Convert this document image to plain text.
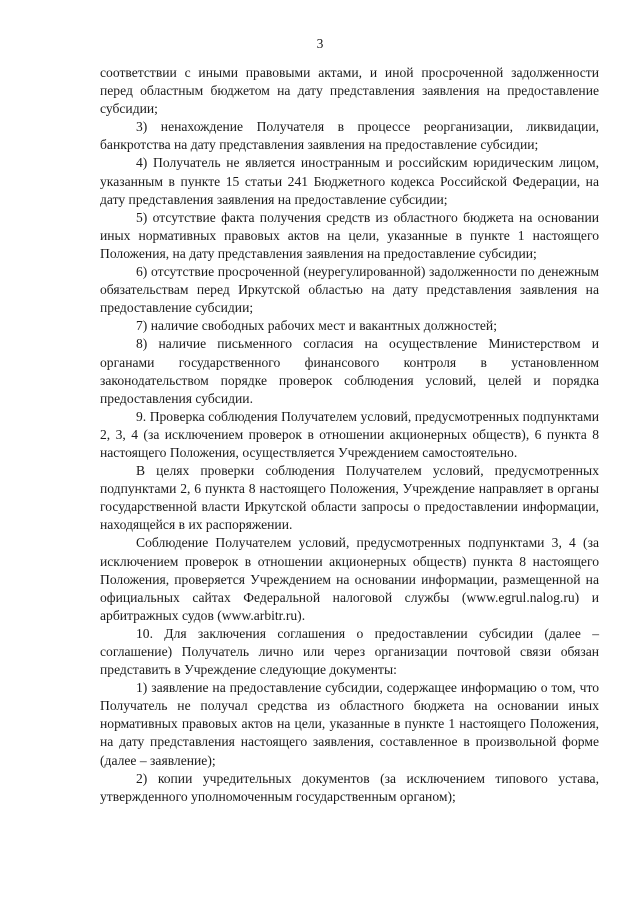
3

соответствии с иными правовыми актами, и иной просроченной задолженности перед областным бюджетом на дату представления заявления на предоставление субсидии;

3) ненахождение Получателя в процессе реорганизации, ликвидации, банкротства на дату представления заявления на предоставление субсидии;

4) Получатель не является иностранным и российским юридическим лицом, указанным в пункте 15 статьи 241 Бюджетного кодекса Российской Федерации, на дату представления заявления на предоставление субсидии;

5) отсутствие факта получения средств из областного бюджета на основании иных нормативных правовых актов на цели, указанные в пункте 1 настоящего Положения, на дату представления заявления на предоставление субсидии;

6) отсутствие просроченной (неурегулированной) задолженности по денежным обязательствам перед Иркутской областью на дату представления заявления на предоставление субсидии;

7) наличие свободных рабочих мест и вакантных должностей;

8) наличие письменного согласия на осуществление Министерством и органами государственного финансового контроля в установленном законодательством порядке проверок соблюдения условий, целей и порядка предоставления субсидии.

9. Проверка соблюдения Получателем условий, предусмотренных подпунктами 2, 3, 4 (за исключением проверок в отношении акционерных обществ), 6 пункта 8 настоящего Положения, осуществляется Учреждением самостоятельно.

В целях проверки соблюдения Получателем условий, предусмотренных подпунктами 2, 6 пункта 8 настоящего Положения, Учреждение направляет в органы государственной власти Иркутской области запросы о предоставлении информации, находящейся в их распоряжении.

Соблюдение Получателем условий, предусмотренных подпунктами 3, 4 (за исключением проверок в отношении акционерных обществ) пункта 8 настоящего Положения, проверяется Учреждением на основании информации, размещенной на официальных сайтах Федеральной налоговой службы (www.egrul.nalog.ru) и арбитражных судов (www.arbitr.ru).

10. Для заключения соглашения о предоставлении субсидии (далее – соглашение) Получатель лично или через организации почтовой связи обязан представить в Учреждение следующие документы:

1) заявление на предоставление субсидии, содержащее информацию о том, что Получатель не получал средства из областного бюджета на основании иных нормативных правовых актов на цели, указанные в пункте 1 настоящего Положения, на дату представления настоящего заявления, составленное в произвольной форме (далее – заявление);

2) копии учредительных документов (за исключением типового устава, утвержденного уполномоченным государственным органом);
